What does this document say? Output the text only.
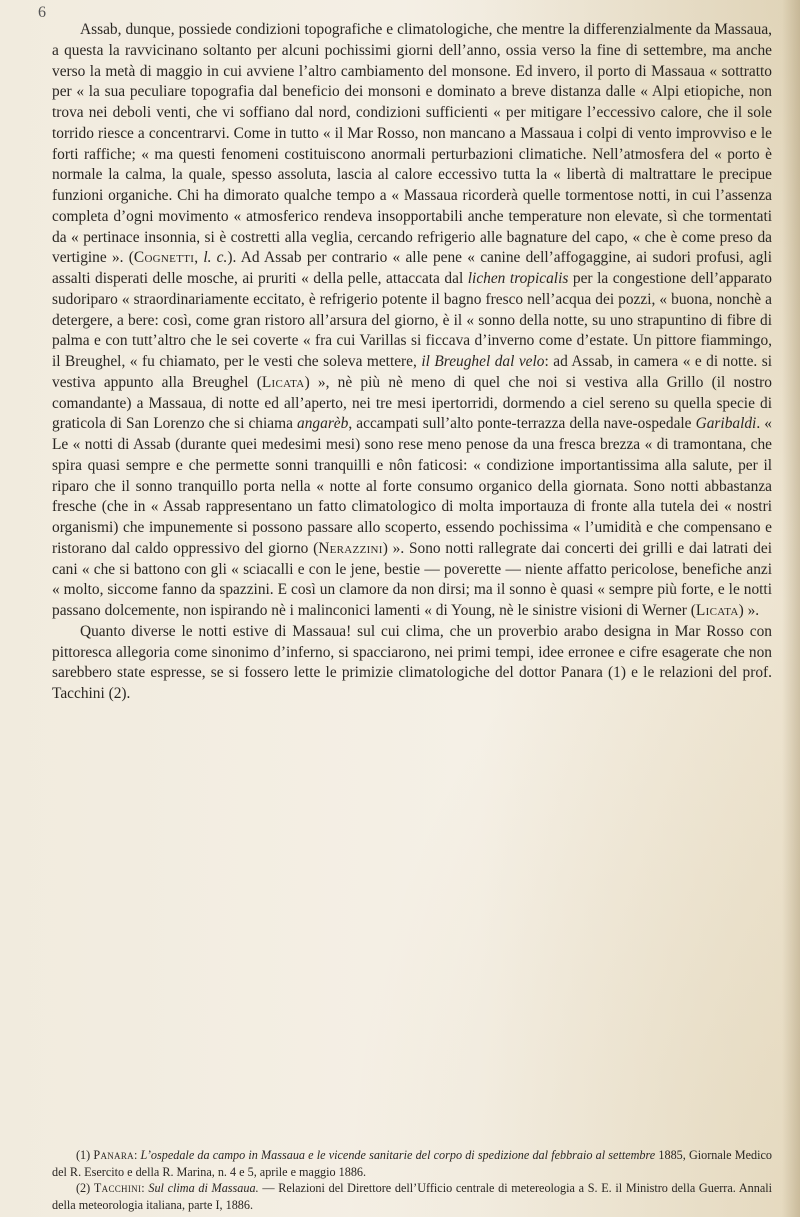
6

Assab, dunque, possiede condizioni topografiche e climatologiche, che mentre la differenzialmente da Massaua, a questa la ravvicinano soltanto per alcuni pochissimi giorni dell’anno, ossia verso la fine di settembre, ma anche verso la metà di maggio in cui avviene l’altro cambiamento del monsone. Ed invero, il porto di Massaua « sottratto per « la sua peculiare topografia dal beneficio dei monsoni e dominato a breve distanza dalle « Alpi etiopiche, non trova nei deboli venti, che vi soffiano dal nord, condizioni sufficienti « per mitigare l’eccessivo calore, che il sole torrido riesce a concentrarvi. Come in tutto « il Mar Rosso, non mancano a Massaua i colpi di vento improvviso e le forti raffiche; « ma questi fenomeni costituiscono anormali perturbazioni climatiche. Nell’atmosfera del « porto è normale la calma, la quale, spesso assoluta, lascia al calore eccessivo tutta la « libertà di maltrattare le precipue funzioni organiche. Chi ha dimorato qualche tempo a « Massaua ricorderà quelle tormentose notti, in cui l’assenza completa d’ogni movimento « atmosferico rendeva insopportabili anche temperature non elevate, sì che tormentati da « pertinace insonnia, si è costretti alla veglia, cercando refrigerio alle bagnature del capo, « che è come preso da vertigine ». (Cognetti, l. c.). Ad Assab per contrario « alle pene « canine dell’affogaggine, ai sudori profusi, agli assalti disperati delle mosche, ai pruriti « della pelle, attaccata dal lichen tropicalis per la congestione dell’apparato sudoriparo « straordinariamente eccitato, è refrigerio potente il bagno fresco nell’acqua dei pozzi, « buona, nonchè a detergere, a bere: così, come gran ristoro all’arsura del giorno, è il « sonno della notte, su uno strapuntino di fibre di palma e con tutt’altro che le sei coverte « fra cui Varillas si ficcava d’inverno come d’estate. Un pittore fiammingo, il Breughel, « fu chiamato, per le vesti che soleva mettere, il Breughel dal velo: ad Assab, in camera « e di notte. si vestiva appunto alla Breughel (Licata) », nè più nè meno di quel che noi si vestiva alla Grillo (il nostro comandante) a Massaua, di notte ed all’aperto, nei tre mesi ipertorridi, dormendo a ciel sereno su quella specie di graticola di San Lorenzo che si chiama angarèb, accampati sull’alto ponte-terrazza della nave-ospedale Garibaldi. « Le « notti di Assab (durante quei medesimi mesi) sono rese meno penose da una fresca brezza « di tramontana, che spira quasi sempre e che permette sonni tranquilli e nôn faticosi: « condizione importantissima alla salute, per il riparo che il sonno tranquillo porta nella « notte al forte consumo organico della giornata. Sono notti abbastanza fresche (che in « Assab rappresentano un fatto climatologico di molta importauza di fronte alla tutela dei « nostri organismi) che impunemente si possono passare allo scoperto, essendo pochissima « l’umidità e che compensano e ristorano dal caldo oppressivo del giorno (Nerazzini) ». Sono notti rallegrate dai concerti dei grilli e dai latrati dei cani « che si battono con gli « sciacalli e con le jene, bestie — poverette — niente affatto pericolose, benefiche anzi « molto, siccome fanno da spazzini. E così un clamore da non dirsi; ma il sonno è quasi « sempre più forte, e le notti passano dolcemente, non ispirando nè i malinconici lamenti « di Young, nè le sinistre visioni di Werner (Licata) ».

Quanto diverse le notti estive di Massaua! sul cui clima, che un proverbio arabo designa in Mar Rosso con pittoresca allegoria come sinonimo d’inferno, si spacciarono, nei primi tempi, idee erronee e cifre esagerate che non sarebbero state espresse, se si fossero lette le primizie climatologiche del dottor Panara (1) e le relazioni del prof. Tacchini (2).

(1) Panara: L’ospedale da campo in Massaua e le vicende sanitarie del corpo di spedizione dal febbraio al settembre 1885, Giornale Medico del R. Esercito e della R. Marina, n. 4 e 5, aprile e maggio 1886.

(2) Tacchini: Sul clima di Massaua. — Relazioni del Direttore dell’Ufficio centrale di metereologia a S. E. il Ministro della Guerra. Annali della meteorologia italiana, parte I, 1886.
